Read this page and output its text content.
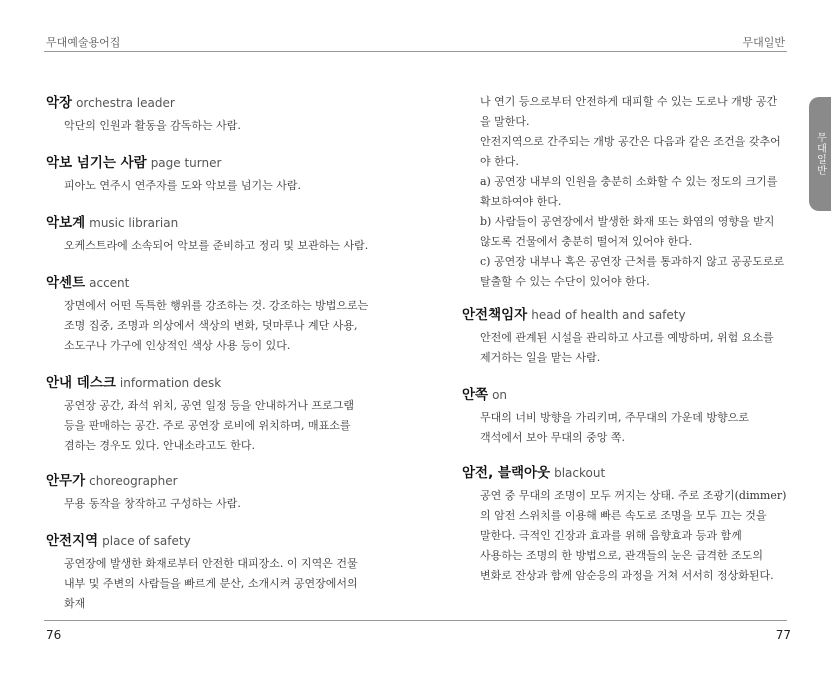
무대예술용어집	무대일반
악장 orchestra leader
악단의 인원과 활동을 감독하는 사람.
악보 넘기는 사람 page turner
피아노 연주시 연주자를 도와 악보를 넘기는 사람.
악보계 music librarian
오케스트라에 소속되어 악보를 준비하고 정리 및 보관하는 사람.
악센트 accent
장면에서 어떤 독특한 행위를 강조하는 것. 강조하는 방법으로는 조명 집중, 조명과 의상에서 색상의 변화, 덧마루나 계단 사용, 소도구나 가구에 인상적인 색상 사용 등이 있다.
안내 데스크 information desk
공연장 공간, 좌석 위치, 공연 일정 등을 안내하거나 프로그램 등을 판매하는 공간. 주로 공연장 로비에 위치하며, 매표소를 겸하는 경우도 있다. 안내소라고도 한다.
안무가 choreographer
무용 동작을 창작하고 구성하는 사람.
안전지역 place of safety
공연장에 발생한 화재로부터 안전한 대피장소. 이 지역은 건물 내부 및 주변의 사람들을 빠르게 분산, 소개시켜 공연장에서의 화재

나 연기 등으로부터 안전하게 대피할 수 있는 도로나 개방 공간을 말한다.

안전지역으로 간주되는 개방 공간은 다음과 같은 조건을 갖추어야 한다.

a) 공연장 내부의 인원을 충분히 소화할 수 있는 정도의 크기를 확보하여야 한다.

b) 사람들이 공연장에서 발생한 화재 또는 화염의 영향을 받지 않도록 건물에서 충분히 떨어져 있어야 한다.

c) 공연장 내부나 혹은 공연장 근처를 통과하지 않고 공공도로로 탈출할 수 있는 수단이 있어야 한다.

안전책임자 head of health and safety
안전에 관계된 시설을 관리하고 사고를 예방하며, 위험 요소를 제거하는 일을 맡는 사람.
안쪽 on
무대의 너비 방향을 가리키며, 주무대의 가운데 방향으로 객석에서 보아 무대의 중앙 쪽.
암전, 블랙아웃 blackout
공연 중 무대의 조명이 모두 꺼지는 상태. 주로 조광기(dimmer)의 암전 스위치를 이용해 빠른 속도로 조명을 모두 끄는 것을 말한다. 극적인 긴장과 효과를 위해 음향효과 등과 함께 사용하는 조명의 한 방법으로, 관객들의 눈은 급격한 조도의 변화로 잔상과 함께 암순응의 과정을 거쳐 서서히 정상화된다.
무대일반
76	77
